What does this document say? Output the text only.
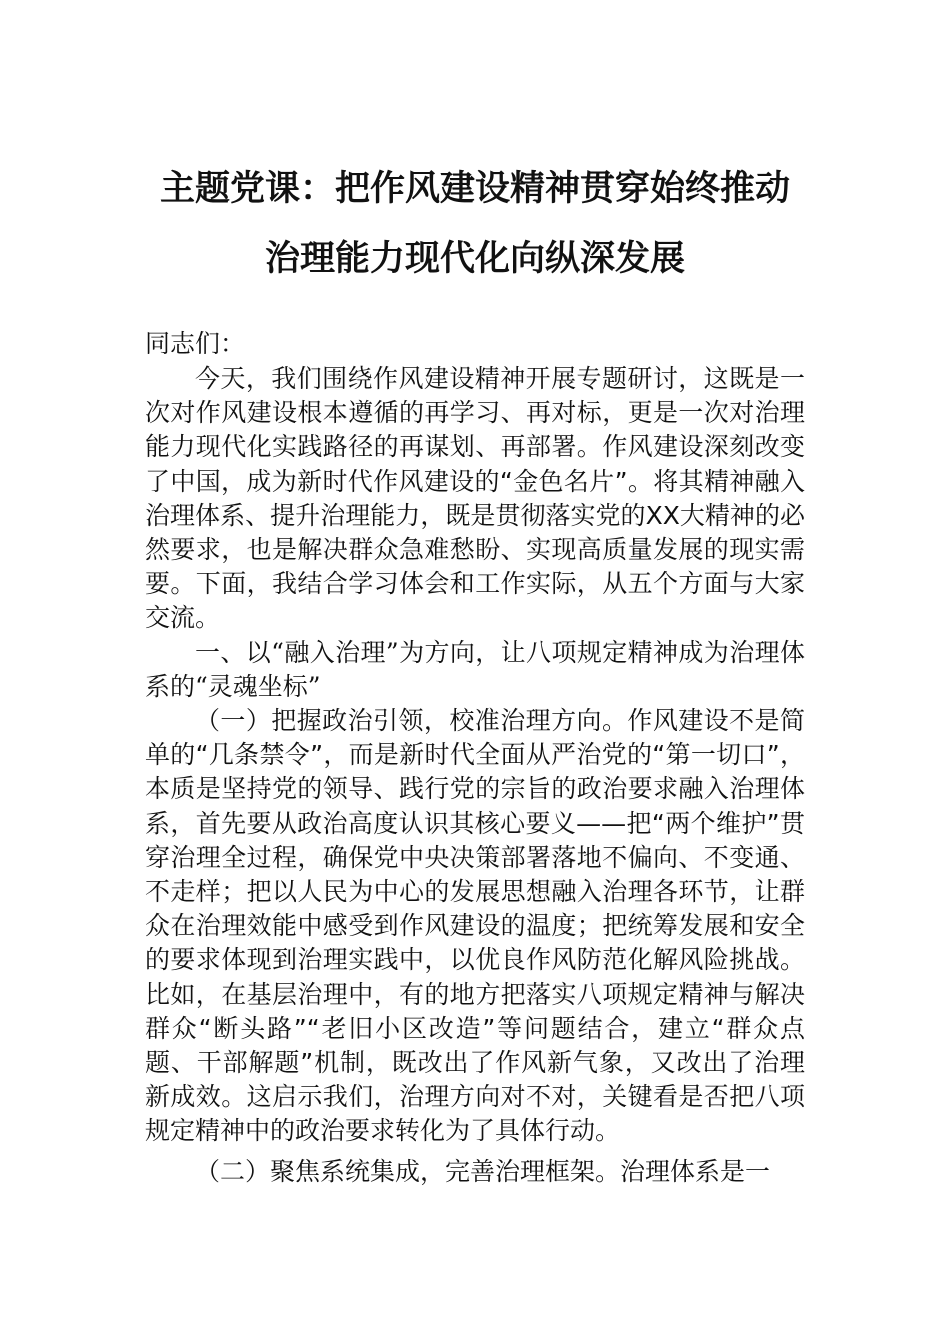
主题党课：把作风建设精神贯穿始终推动
治理能力现代化向纵深发展
同志们：

今天，我们围绕作风建设精神开展专题研讨，这既是一次对作风建设根本遵循的再学习、再对标，更是一次对治理能力现代化实践路径的再谋划、再部署。作风建设深刻改变了中国，成为新时代作风建设的“金色名片”。将其精神融入治理体系、提升治理能力，既是贯彻落实党的XX大精神的必然要求，也是解决群众急难愁盼、实现高质量发展的现实需要。下面，我结合学习体会和工作实际，从五个方面与大家交流。

一、以“融入治理”为方向，让八项规定精神成为治理体系的“灵魂坐标”

（一）把握政治引领，校准治理方向。作风建设不是简单的“几条禁令”，而是新时代全面从严治党的“第一切口”，本质是坚持党的领导、践行党的宗旨的政治要求融入治理体系，首先要从政治高度认识其核心要义——把“两个维护”贯穿治理全过程，确保党中央决策部署落地不偏向、不变通、不走样；把以人民为中心的发展思想融入治理各环节，让群众在治理效能中感受到作风建设的温度；把统筹发展和安全的要求体现到治理实践中，以优良作风防范化解风险挑战。比如，在基层治理中，有的地方把落实八项规定精神与解决群众“断头路”“老旧小区改造”等问题结合，建立“群众点题、干部解题”机制，既改出了作风新气象，又改出了治理新成效。这启示我们，治理方向对不对，关键看是否把八项规定精神中的政治要求转化为了具体行动。

（二）聚焦系统集成，完善治理框架。治理体系是一
